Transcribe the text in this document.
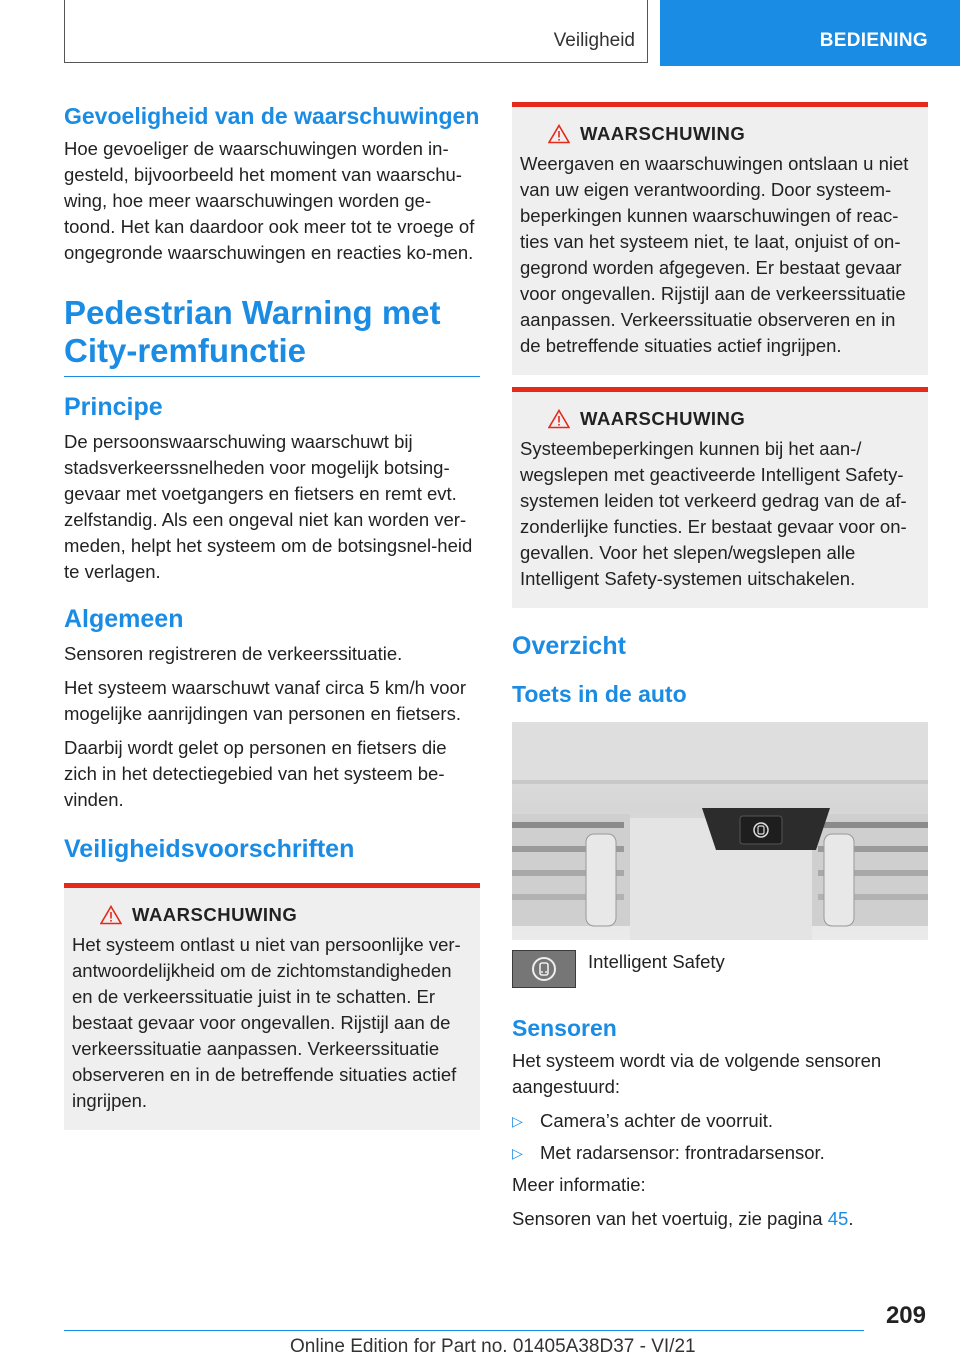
Veiligheid	BEDIENING
Gevoeligheid van de waarschuwingen

Hoe gevoeliger de waarschuwingen worden in-gesteld, bijvoorbeeld het moment van waarschu-wing, hoe meer waarschuwingen worden ge-toond. Het kan daardoor ook meer tot te vroege of ongegronde waarschuwingen en reacties ko-men.

Pedestrian Warning met City-remfunctie
Principe

De persoonswaarschuwing waarschuwt bij stadsverkeerssnelheden voor mogelijk botsing-gevaar met voetgangers en fietsers en remt evt. zelfstandig. Als een ongeval niet kan worden ver-meden, helpt het systeem om de botsingsnel-heid te verlagen.

Algemeen

Sensoren registreren de verkeerssituatie.

Het systeem waarschuwt vanaf circa 5 km/h voor mogelijke aanrijdingen van personen en fietsers.

Daarbij wordt gelet op personen en fietsers die zich in het detectiegebied van het systeem be-vinden.

Veiligheidsvoorschriften
WAARSCHUWING

Het systeem ontlast u niet van persoonlijke ver-antwoordelijkheid om de zichtomstandigheden en de verkeerssituatie juist in te schatten. Er bestaat gevaar voor ongevallen. Rijstijl aan de verkeerssituatie aanpassen. Verkeerssituatie observeren en in de betreffende situaties actief ingrijpen.

WAARSCHUWING

Weergaven en waarschuwingen ontslaan u niet van uw eigen verantwoording. Door systeem-beperkingen kunnen waarschuwingen of reac-ties van het systeem niet, te laat, onjuist of on-gegrond worden afgegeven. Er bestaat gevaar voor ongevallen. Rijstijl aan de verkeerssituatie aanpassen. Verkeerssituatie observeren en in de betreffende situaties actief ingrijpen.

WAARSCHUWING

Systeembeperkingen kunnen bij het aan-/ wegslepen met geactiveerde Intelligent Safety-systemen leiden tot verkeerd gedrag van de af-zonderlijke functies. Er bestaat gevaar voor on-gevallen. Voor het slepen/wegslepen alle Intelligent Safety-systemen uitschakelen.

Overzicht
Toets in de auto
Intelligent Safety
Sensoren

Het systeem wordt via de volgende sensoren aangestuurd:

▷ Camera’s achter de voorruit.
▷ Met radarsensor: frontradarsensor.

Meer informatie:

Sensoren van het voertuig, zie pagina 45.

209
Online Edition for Part no. 01405A38D37 - VI/21
